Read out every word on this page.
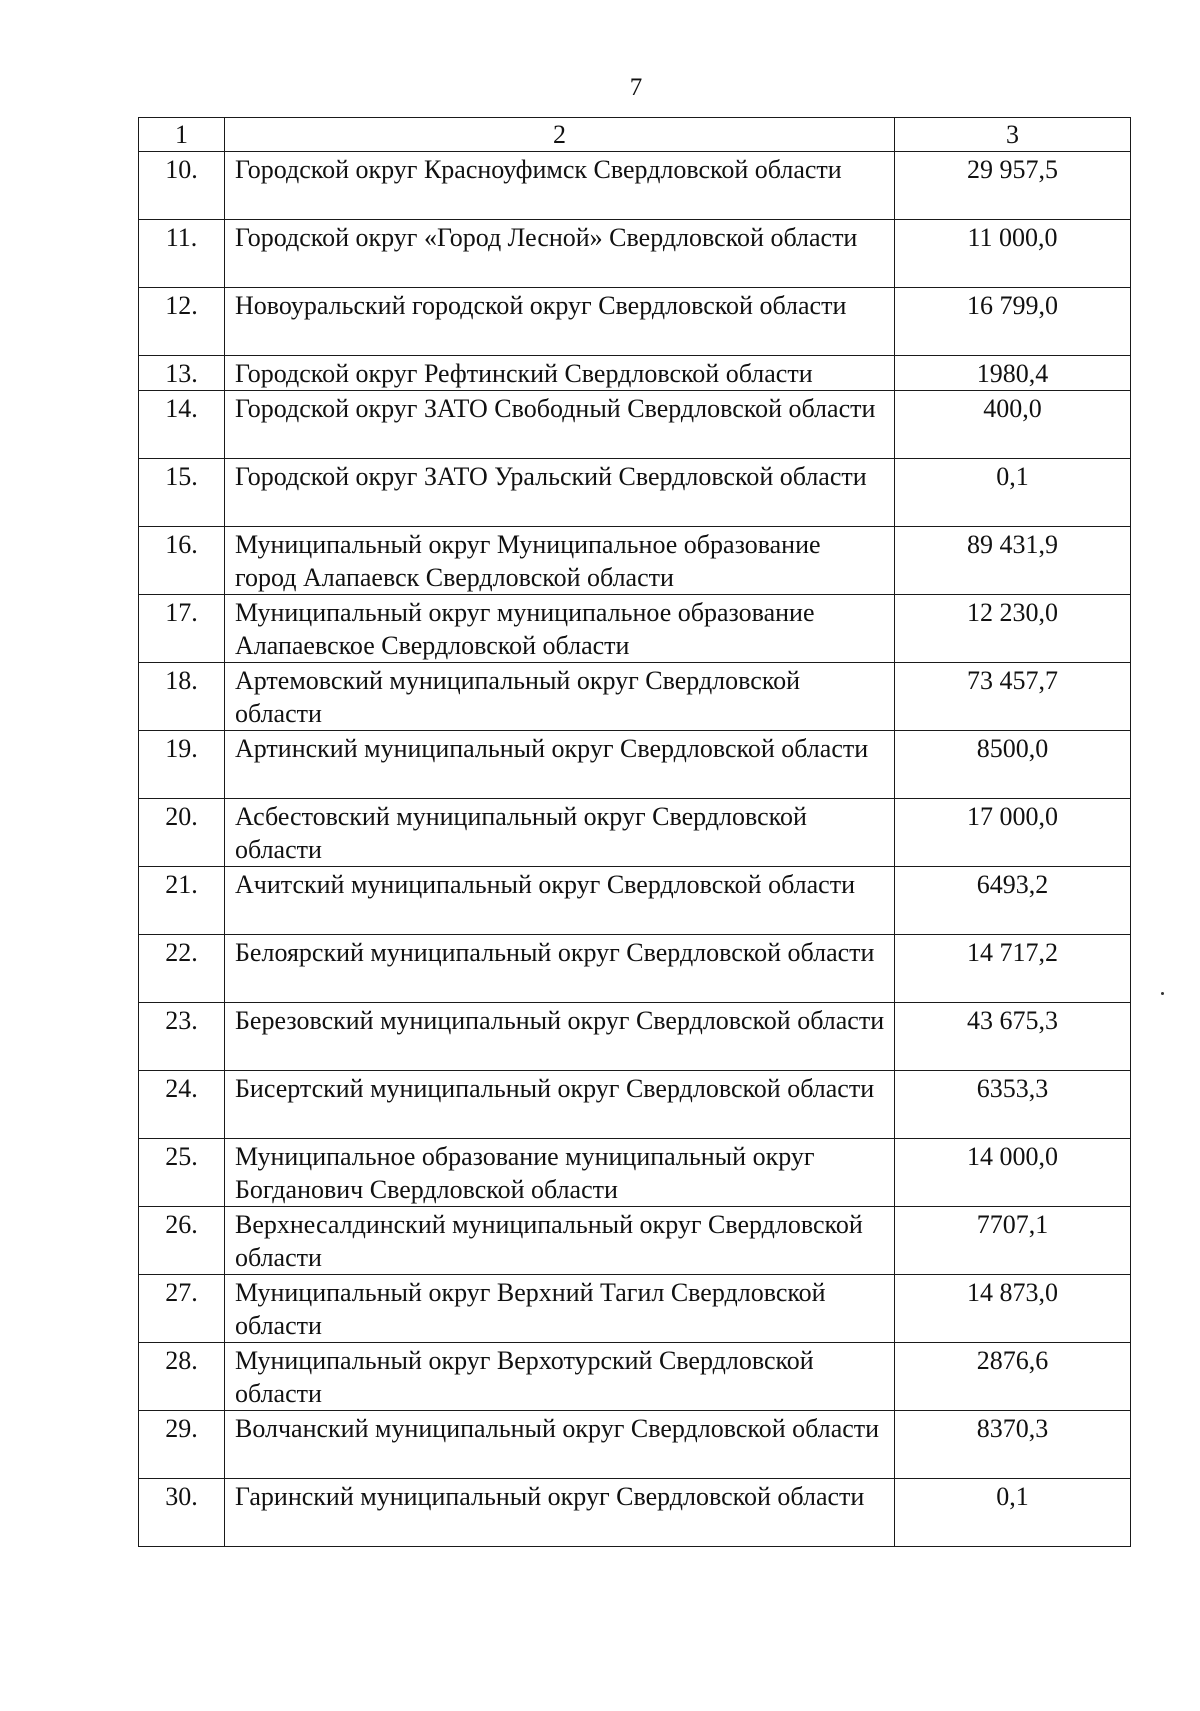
7
1	2	3
10.	Городской округ Красноуфимск Свердловской области	29 957,5
11.	Городской округ «Город Лесной» Свердловской области	11 000,0
12.	Новоуральский городской округ Свердловской области	16 799,0
13.	Городской округ Рефтинский Свердловской области	1980,4
14.	Городской округ ЗАТО Свободный Свердловской области	400,0
15.	Городской округ ЗАТО Уральский Свердловской области	0,1
16.	Муниципальный округ Муниципальное образование город Алапаевск Свердловской области	89 431,9
17.	Муниципальный округ муниципальное образование Алапаевское Свердловской области	12 230,0
18.	Артемовский муниципальный округ Свердловской области	73 457,7
19.	Артинский муниципальный округ Свердловской области	8500,0
20.	Асбестовский муниципальный округ Свердловской области	17 000,0
21.	Ачитский муниципальный округ Свердловской области	6493,2
22.	Белоярский муниципальный округ Свердловской области	14 717,2
23.	Березовский муниципальный округ Свердловской области	43 675,3
24.	Бисертский муниципальный округ Свердловской области	6353,3
25.	Муниципальное образование муниципальный округ Богданович Свердловской области	14 000,0
26.	Верхнесалдинский муниципальный округ Свердловской области	7707,1
27.	Муниципальный округ Верхний Тагил Свердловской области	14 873,0
28.	Муниципальный округ Верхотурский Свердловской области	2876,6
29.	Волчанский муниципальный округ Свердловской области	8370,3
30.	Гаринский муниципальный округ Свердловской области	0,1
